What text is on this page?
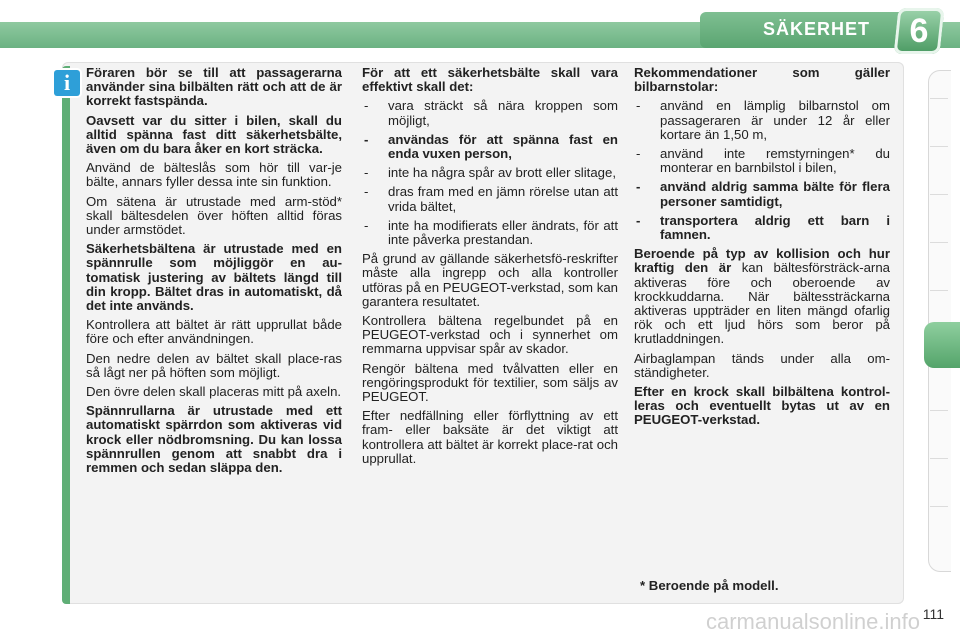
SÄKERHET	6
i	Föraren bör se till att passagerarna använder sina bilbälten rätt och att de är korrekt fastspända.

Oavsett var du sitter i bilen, skall du alltid spänna fast ditt säkerhetsbälte, även om du bara åker en kort sträcka.

Använd de bälteslås som hör till var-je bälte, annars fyller dessa inte sin funktion.

Om sätena är utrustade med arm-stöd* skall bältesdelen över höften alltid föras under armstödet.

Säkerhetsbältena är utrustade med en spännrulle som möjliggör en au-tomatisk justering av bältets längd till din kropp. Bältet dras in automatiskt, då det inte används.

Kontrollera att bältet är rätt upprullat både före och efter användningen.

Den nedre delen av bältet skall place-ras så lågt ner på höften som möjligt.

Den övre delen skall placeras mitt på axeln.

Spännrullarna är utrustade med ett automatiskt spärrdon som aktiveras vid krock eller nödbromsning. Du kan lossa spännrullen genom att snabbt dra i remmen och sedan släppa den.

För att ett säkerhetsbälte skall vara effektivt skall det:

- vara sträckt så nära kroppen som möjligt,
- användas för att spänna fast en enda vuxen person,
- inte ha några spår av brott eller slitage,
- dras fram med en jämn rörelse utan att vrida bältet,
- inte ha modifierats eller ändrats, för att inte påverka prestandan.

På grund av gällande säkerhetsfö-reskrifter måste alla ingrepp och alla kontroller utföras på en PEUGEOT-verkstad, som kan garantera resultatet.

Kontrollera bältena regelbundet på en PEUGEOT-verkstad och i synnerhet om remmarna uppvisar spår av skador.

Rengör bältena med tvålvatten eller en rengöringsprodukt för textilier, som säljs av PEUGEOT.

Efter nedfällning eller förflyttning av ett fram- eller baksäte är det viktigt att kontrollera att bältet är korrekt place-rat och upprullat.

Rekommendationer som gäller bilbarnstolar:

- använd en lämplig bilbarnstol om passageraren är under 12 år eller kortare än 1,50 m,
- använd inte remstyrningen* du monterar en barnbilstol i bilen,
- använd aldrig samma bälte för flera personer samtidigt,
- transportera aldrig ett barn i famnen.

Beroende på typ av kollision och hur kraftig den är kan bältesförsträck-arna aktiveras före och oberoende av krockkuddarna. När bältessträckarna aktiveras uppträder en liten mängd ofarlig rök och ett ljud hörs som beror på krutladdningen.

Airbaglampan tänds under alla om-ständigheter.

Efter en krock skall bilbältena kontrol-leras och eventuellt bytas ut av en PEUGEOT-verkstad.

* Beroende på modell.
carmanualsonline.info 111
